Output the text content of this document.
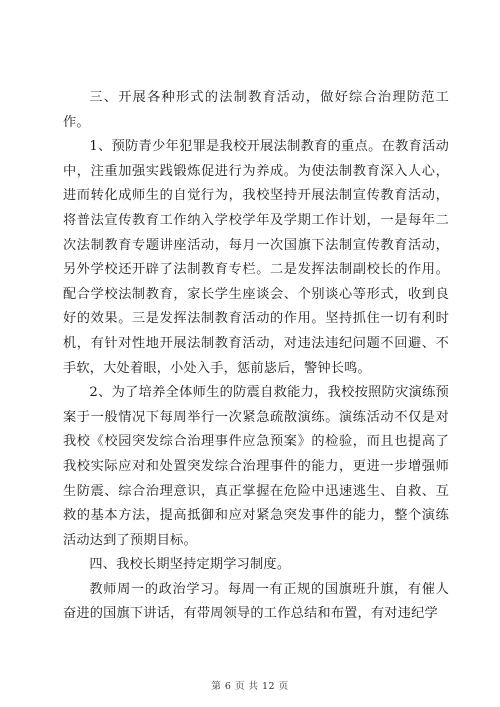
三、开展各种形式的法制教育活动，做好综合治理防范工作。

1、预防青少年犯罪是我校开展法制教育的重点。在教育活动中，注重加强实践锻炼促进行为养成。为使法制教育深入人心，进而转化成师生的自觉行为，我校坚持开展法制宣传教育活动，将普法宣传教育工作纳入学校学年及学期工作计划，一是每年二次法制教育专题讲座活动，每月一次国旗下法制宣传教育活动，另外学校还开辟了法制教育专栏。二是发挥法制副校长的作用。配合学校法制教育，家长学生座谈会、个别谈心等形式，收到良好的效果。三是发挥法制教育活动的作用。坚持抓住一切有利时机，有针对性地开展法制教育活动，对违法违纪问题不回避、不手软，大处着眼，小处入手，惩前毖后，警钟长鸣。

2、为了培养全体师生的防震自救能力，我校按照防灾演练预案于一般情况下每周举行一次紧急疏散演练。演练活动不仅是对我校《校园突发综合治理事件应急预案》的检验，而且也提高了我校实际应对和处置突发综合治理事件的能力，更进一步增强师生防震、综合治理意识，真正掌握在危险中迅速逃生、自救、互救的基本方法，提高抵御和应对紧急突发事件的能力，整个演练活动达到了预期目标。

四、我校长期坚持定期学习制度。

教师周一的政治学习。每周一有正规的国旗班升旗，有催人奋进的国旗下讲话，有带周领导的工作总结和布置，有对违纪学

第 6 页 共 12 页
